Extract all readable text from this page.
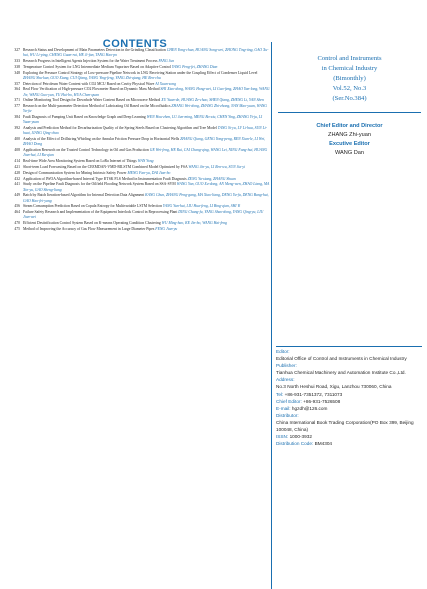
CONTENTS
327 Research Status and Development of Main Parameters Detection in the Grinding Classification CHEN Yong-chun, HUANG Song-wei, ZHONG Ting-ting, GAO Xu-hui, WU Li-ping, CHENG Guan-rui, HE Ji-fan, TANG Hao-po
333 Research Progress in Intelligent Agents Injection System for the Water Treatment Process FANG Jun
338 Temperature Control System for LNG Intermediate Medium Vaporizer Based on Adaptive Control YANG Peng-fei, ZHANG Dian
348 Exploring the Pressure Control Strategy of Low-pressure Pipeline Network in LNG Receiving Station under the Coupling Effect of Condenser Liquid Level ZHANG Shu-kun, GUO Xiang, CUI Qiang, YANG Ying-feng, YANG Zhi-qiang, HE Ren-chu
357 Detection of Petroleum Water Content with CO2 MCU Based on Cavity Physical Wave AI Xuan-song
364 Real Flow Verification of High-pressure CO2 Flowmeter Based on Dynamic Mass Method SHI Xiao-dong, WANG Hong-wei, LI Gao-feng, ZHAO Yan-long, WANG Jie, WANG Guo-yun, YU Hui-bo, HUA Chen-quan
371 Online Monitoring Tool Design for Downhole Water Content Based on Microwave Method XU Yuan-de, HUANG Ze-chao, SHEN Qiang, ZHENG Li, YAN Shen
377 Research on the Multi-parameter Detection Method of Lubricating Oil Based on the Microfluidics ZHANG Wei-dong, ZHANG Zhi-zhong, NAN Mao-yuan, WANG Yu-jie
384 Fault Diagnosis of Pumping Unit Based on Knowledge Graph and Deep Learning WEN Hou-zhen, LU Jun-ming, MENG Bo-xiu, CHEN Ying, ZHANG Yi-ju, LI Yuan-yuan
392 Analysis and Prediction Method for Decarburization Quality of the Spring Steels Based on Clustering Algorithm and Tree Model TANG Si-yu, LV Li-hua, SUN Li-huai, JIANG Qing-chao
400 Analysis of the Effect of Drillstring Whirling on the Annular Friction Pressure Drop in Horizontal Wells ZHANG Qiang, GENG Yong-peng, REN Xian-le, LI Wei, ZHAO Dong
408 Application Research on the Trusted Control Technology in Oil and Gas Production GE Wei-feng, HE Rui, CAI Chang-qing, WANG Lei, NING Fang-hui, HUANG Jian-hui, LI Ru-qian
414 Real-time Wide Area Monitoring System Based on LoRa Internet of Things WAN Yong
421 Short-term Load Forecasting Based on the CEEMDAN-VMD-BILSTM Combined Model Optimized by FSA WANG Jin-yu, LI Ren-wu, SUN Jia-yi
428 Design of Communication System for Mining Intrinsic Safety Power MENG Fan-yu, DAI Jian-bo
432 Application of IWOA Algorithm-based Interval Type Ⅱ TSK FLS Method in Instrumentation Fault Diagnosis ZENG Yu-xiang, ZHANG Shuan
441 Study on the Pipeline Fault Diagnosis for the Oilfield Flooding Network System Based on SSA-SVM WANG Yan, GUO Xu-dong, AN Meng-wen, ZHAO Liang, MA Xin-yu, GAO Sheng-liang
449 Batch by Batch Iteration-based Algorithm for Internal Detection Data Alignment KANG Chun, ZHANG Peng-gang, MA Xiao-liang, DENG Yu-fa, DENG Bang-hui, GAO Hao-fei-yang
456 Steam Consumption Prediction Based on Copula Entropy for Multivariable LSTM Selection YANG Yun-hui, LIU Hua-feng, LI Bing-qian, SHI Yi
464 Failure Safety Research and Implementation of the Equipment Interlock Control in Reprocessing Plant DING Chang-fu, YANG Shao-dong, YANG Qing-yu, LIU Jian-wei
470 Efficient Desitrification Control System Based on K-means Operating Condition Clustering WU Ming-hao, KE Jin-bo, WANG Hai-feng
475 Method of Improving the Accuracy of Gas Flow Measurement in Large Diameter Pipes FENG Jian-yu
Control and Instruments
in Chemical Industry
(Bimonthly)
Vol.52, No.3
(Ser.No.384)
Chief Editor and Director
ZHANG Zhi-yuan
Excutive Editor
WANG Dan
Editor:
Editorial Office of Control and Instruments in Chemical Industry
Publisher:
Tianhua Chemical Machinery and Automation Institute Co.,Ltd.
Address:
No.3 North Heshui Road, Xigu, Lanzhou 730060, China
Tel: +86-931-7351372, 7311073
Chief Editor: +86-931-7526508
E-mail: hgzdh@126.com
Distributor:
China International Book Trading Corporation(PO Box 399, Beijing 100048, China)
ISSN: 1000-3932
Distribution Code: BM4304
